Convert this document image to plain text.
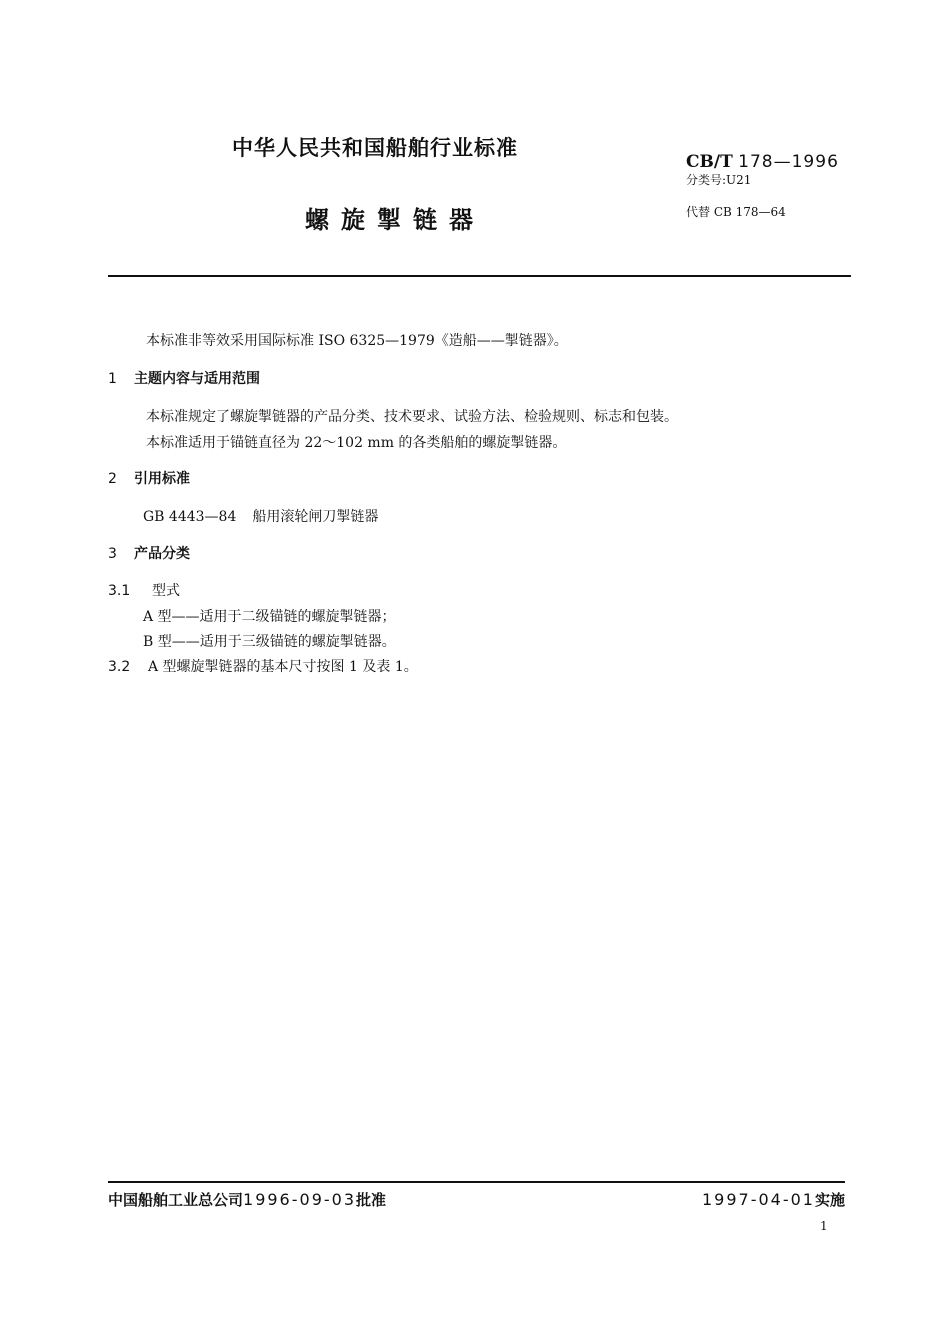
中华人民共和国船舶行业标准
螺旋掣链器
CB/T 178—1996
分类号:U21
代替 CB 178—64
本标准非等效采用国际标准 ISO 6325—1979《造船——掣链器》。
1 主题内容与适用范围
本标准规定了螺旋掣链器的产品分类、技术要求、试验方法、检验规则、标志和包装。
本标准适用于锚链直径为 22～102 mm 的各类船舶的螺旋掣链器。
2 引用标准
GB 4443—84 船用滚轮闸刀掣链器
3 产品分类
3.1 型式
A 型——适用于二级锚链的螺旋掣链器；
B 型——适用于三级锚链的螺旋掣链器。
3.2 A 型螺旋掣链器的基本尺寸按图 1 及表 1。
中国船舶工业总公司1996-09-03批准	1997-04-01实施
1
